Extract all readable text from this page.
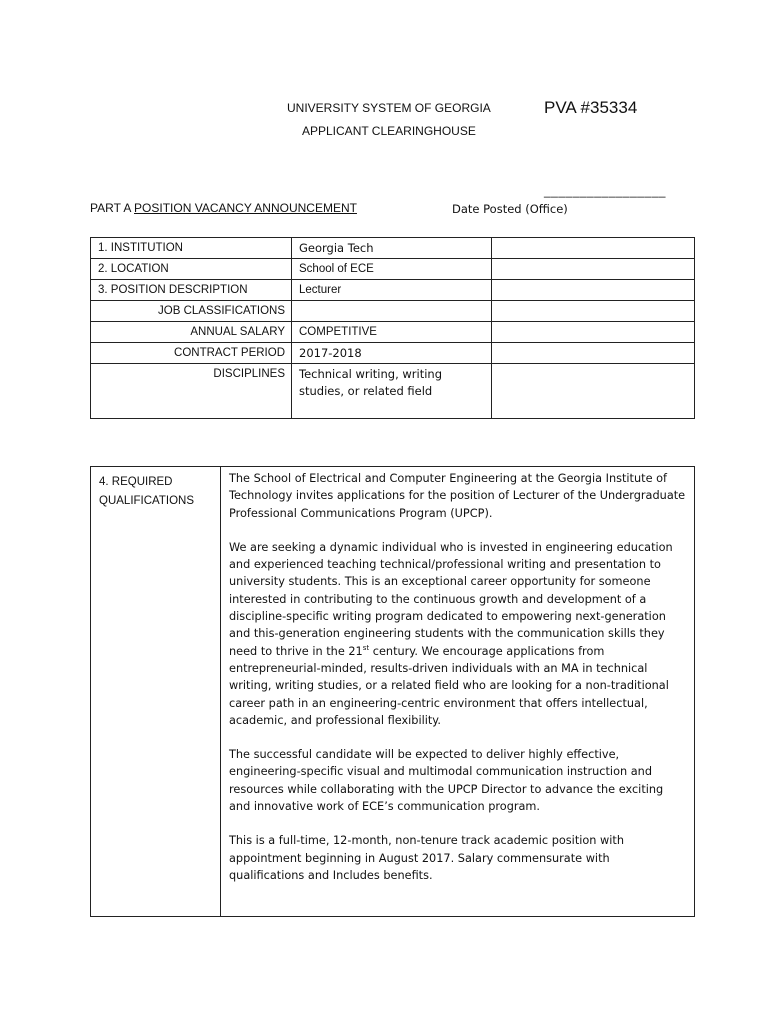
UNIVERSITY SYSTEM OF GEORGIA
APPLICANT CLEARINGHOUSE
PVA #35334
_________________
PART A POSITION VACANCY ANNOUNCEMENT	Date Posted (Office)
1. INSTITUTION	Georgia Tech	
2. LOCATION	School of ECE	
3. POSITION DESCRIPTION	Lecturer	
JOB CLASSIFICATIONS		
ANNUAL SALARY	COMPETITIVE	
CONTRACT PERIOD	2017-2018	
DISCIPLINES	Technical writing, writing studies, or related field	
4. REQUIRED
QUALIFICATIONS

The School of Electrical and Computer Engineering at the Georgia Institute of Technology invites applications for the position of Lecturer of the Undergraduate Professional Communications Program (UPCP).

We are seeking a dynamic individual who is invested in engineering education and experienced teaching technical/professional writing and presentation to university students. This is an exceptional career opportunity for someone interested in contributing to the continuous growth and development of a discipline-specific writing program dedicated to empowering next-generation and this-generation engineering students with the communication skills they need to thrive in the 21st century. We encourage applications from entrepreneurial-minded, results-driven individuals with an MA in technical writing, writing studies, or a related field who are looking for a non-traditional career path in an engineering-centric environment that offers intellectual, academic, and professional flexibility.

The successful candidate will be expected to deliver highly effective, engineering-specific visual and multimodal communication instruction and resources while collaborating with the UPCP Director to advance the exciting and innovative work of ECE’s communication program.

This is a full-time, 12-month, non-tenure track academic position with appointment beginning in August 2017. Salary commensurate with qualifications and Includes benefits.
